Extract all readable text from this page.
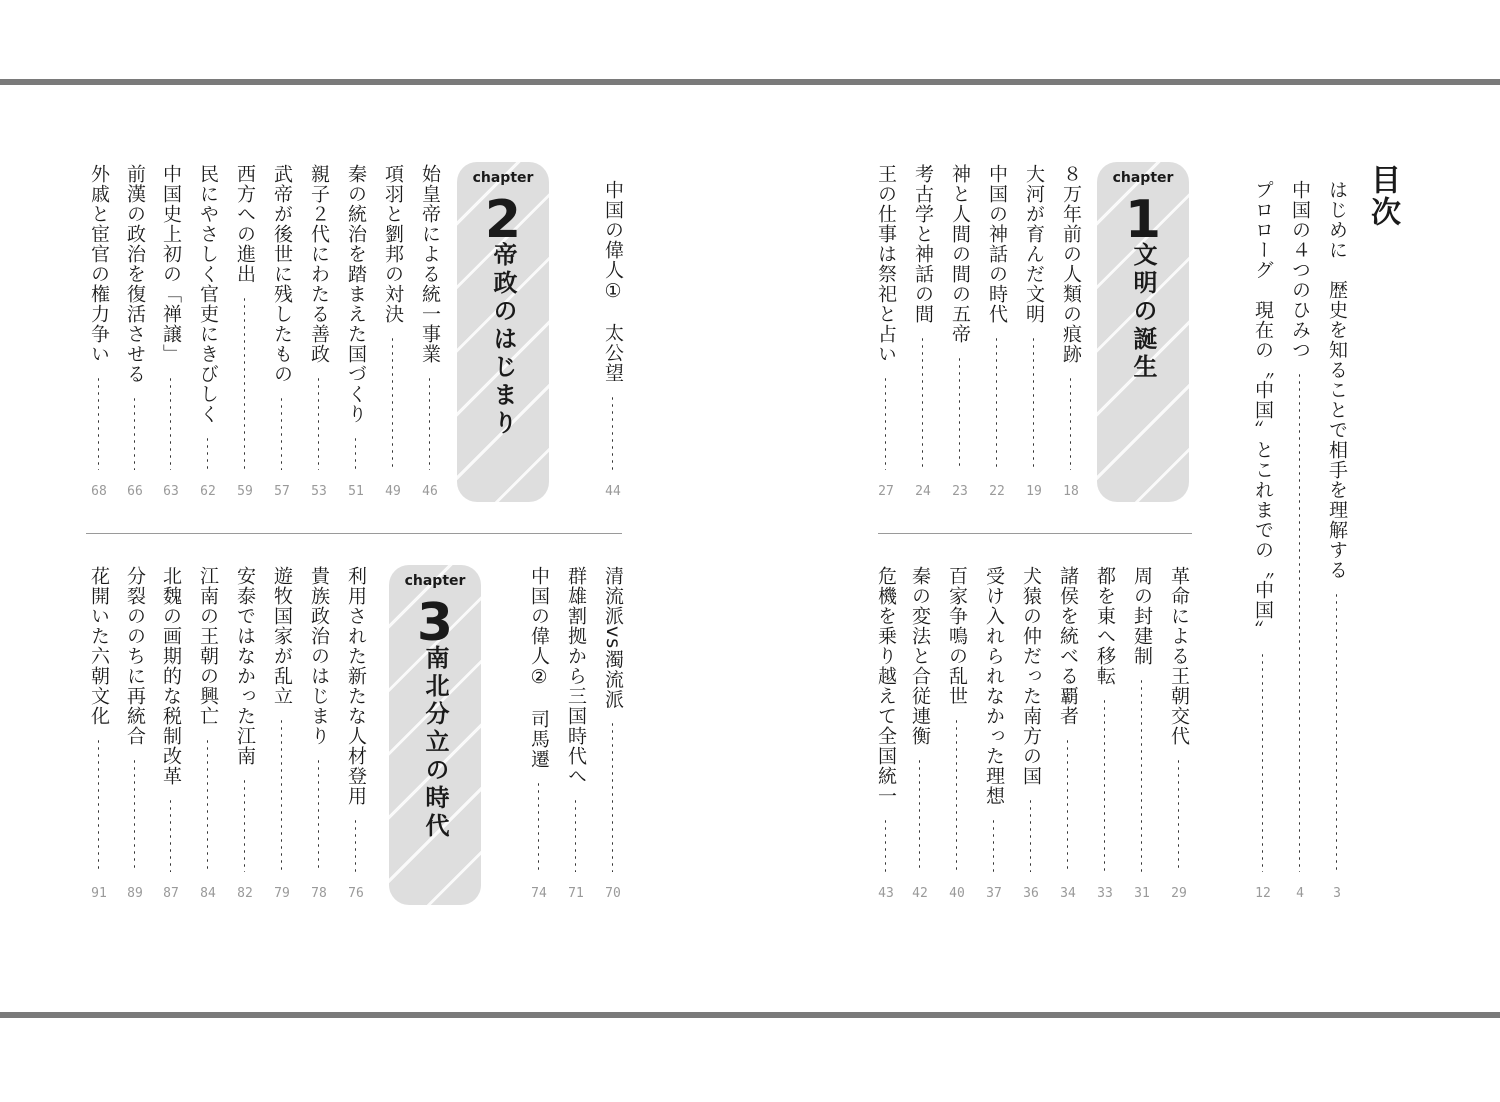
目次
chapter
1
文明の誕生
chapter
2
帝政のはじまり
chapter
3
南北分立の時代
はじめに　歴史を知ることで相手を理解する
3
中国の４つのひみつ
4
プロローグ　現在の〝中国〟とこれまでの〝中国〟
12
８万年前の人類の痕跡
18
大河が育んだ文明
19
中国の神話の時代
22
神と人間の間の五帝
23
考古学と神話の間
24
王の仕事は祭祀と占い
27
革命による王朝交代
29
周の封建制
31
都を東へ移転
33
諸侯を統べる覇者
34
犬猿の仲だった南方の国
36
受け入れられなかった理想
37
百家争鳴の乱世
40
秦の変法と合従連衡
42
危機を乗り越えて全国統一
43
中国の偉人①　太公望
44
始皇帝による統一事業
46
項羽と劉邦の対決
49
秦の統治を踏まえた国づくり
51
親子２代にわたる善政
53
武帝が後世に残したもの
57
西方への進出
59
民にやさしく官吏にきびしく
62
中国史上初の「禅譲」
63
前漢の政治を復活させる
66
外戚と宦官の権力争い
68
清流派vs濁流派
70
群雄割拠から三国時代へ
71
中国の偉人②　司馬遷
74
利用された新たな人材登用
76
貴族政治のはじまり
78
遊牧国家が乱立
79
安泰ではなかった江南
82
江南の王朝の興亡
84
北魏の画期的な税制改革
87
分裂ののちに再統合
89
花開いた六朝文化
91
